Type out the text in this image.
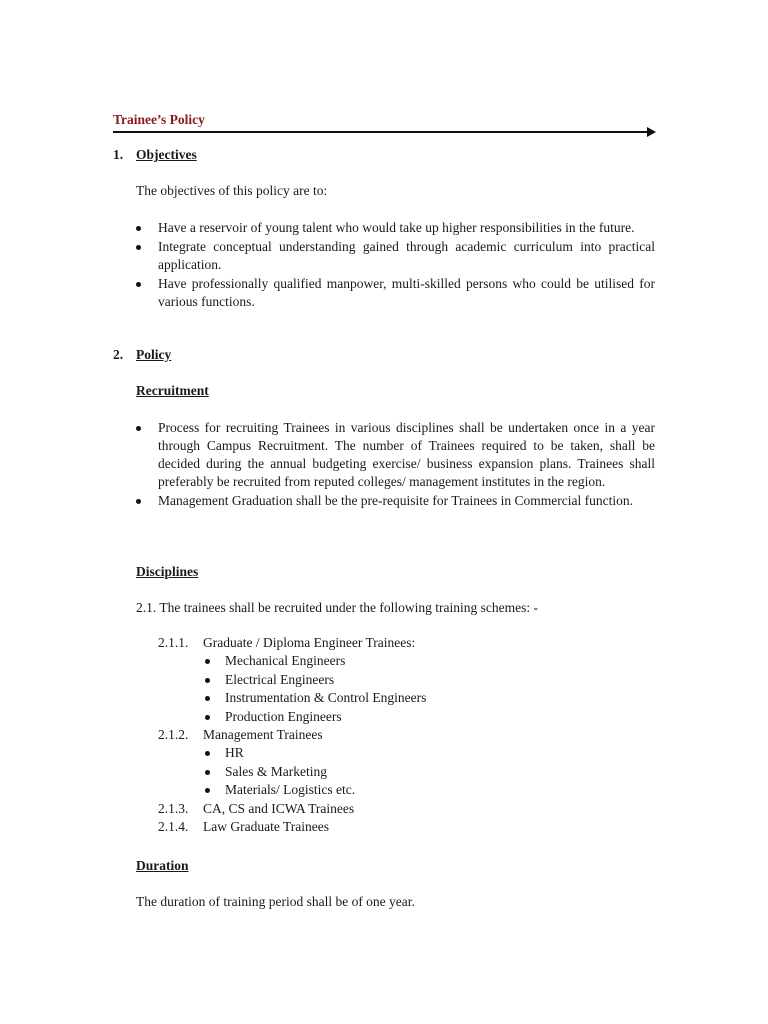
Trainee’s Policy
1. Objectives
The objectives of this policy are to:
Have a reservoir of young talent who would take up higher responsibilities in the future.
Integrate conceptual understanding gained through academic curriculum into practical application.
Have professionally qualified manpower, multi-skilled persons who could be utilised for various functions.
2. Policy
Recruitment
Process for recruiting Trainees in various disciplines shall be undertaken once in a year through Campus Recruitment. The number of Trainees required to be taken, shall be decided during the annual budgeting exercise/ business expansion plans. Trainees shall preferably be recruited from reputed colleges/ management institutes in the region.
Management Graduation shall be the pre-requisite for Trainees in Commercial function.
Disciplines
2.1. The trainees shall be recruited under the following training schemes: -
2.1.1. Graduate / Diploma Engineer Trainees:
Mechanical Engineers
Electrical Engineers
Instrumentation & Control Engineers
Production Engineers
2.1.2. Management Trainees
HR
Sales & Marketing
Materials/ Logistics etc.
2.1.3. CA, CS and ICWA Trainees
2.1.4. Law Graduate Trainees
Duration
The duration of training period shall be of one year.
